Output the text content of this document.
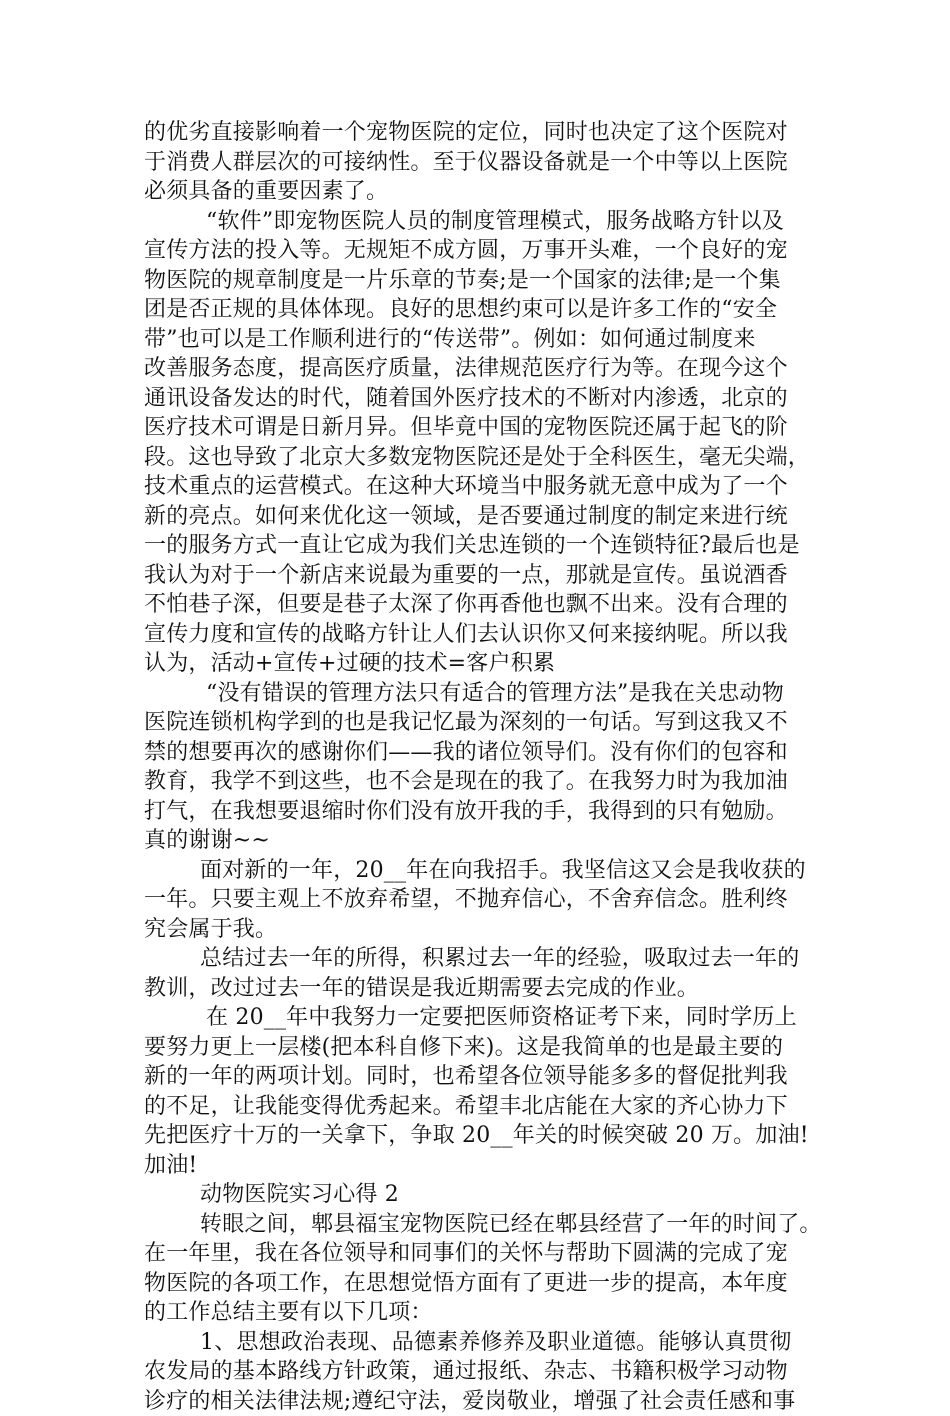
的优劣直接影响着一个宠物医院的定位，同时也决定了这个医院对
于消费人群层次的可接纳性。至于仪器设备就是一个中等以上医院
必须具备的重要因素了。
“软件”即宠物医院人员的制度管理模式，服务战略方针以及
宣传方法的投入等。无规矩不成方圆，万事开头难，一个良好的宠
物医院的规章制度是一片乐章的节奏;是一个国家的法律;是一个集
团是否正规的具体体现。良好的思想约束可以是许多工作的“安全
带”也可以是工作顺利进行的“传送带”。例如：如何通过制度来
改善服务态度，提高医疗质量，法律规范医疗行为等。在现今这个
通讯设备发达的时代，随着国外医疗技术的不断对内渗透，北京的
医疗技术可谓是日新月异。但毕竟中国的宠物医院还属于起飞的阶
段。这也导致了北京大多数宠物医院还是处于全科医生，毫无尖端，
技术重点的运营模式。在这种大环境当中服务就无意中成为了一个
新的亮点。如何来优化这一领域，是否要通过制度的制定来进行统
一的服务方式一直让它成为我们关忠连锁的一个连锁特征?最后也是
我认为对于一个新店来说最为重要的一点，那就是宣传。虽说酒香
不怕巷子深，但要是巷子太深了你再香他也飘不出来。没有合理的
宣传力度和宣传的战略方针让人们去认识你又何来接纳呢。所以我
认为，活动+宣传+过硬的技术=客户积累
“没有错误的管理方法只有适合的管理方法”是我在关忠动物
医院连锁机构学到的也是我记忆最为深刻的一句话。写到这我又不
禁的想要再次的感谢你们——我的诸位领导们。没有你们的包容和
教育，我学不到这些，也不会是现在的我了。在我努力时为我加油
打气，在我想要退缩时你们没有放开我的手，我得到的只有勉励。
真的谢谢~~
面对新的一年，20__年在向我招手。我坚信这又会是我收获的
一年。只要主观上不放弃希望，不抛弃信心，不舍弃信念。胜利终
究会属于我。
总结过去一年的所得，积累过去一年的经验，吸取过去一年的
教训，改过过去一年的错误是我近期需要去完成的作业。
在 20__年中我努力一定要把医师资格证考下来，同时学历上
要努力更上一层楼(把本科自修下来)。这是我简单的也是最主要的
新的一年的两项计划。同时，也希望各位领导能多多的督促批判我
的不足，让我能变得优秀起来。希望丰北店能在大家的齐心协力下
先把医疗十万的一关拿下，争取 20__年关的时候突破 20 万。加油!
加油!
动物医院实习心得 2
转眼之间，郫县福宝宠物医院已经在郫县经营了一年的时间了。
在一年里，我在各位领导和同事们的关怀与帮助下圆满的完成了宠
物医院的各项工作，在思想觉悟方面有了更进一步的提高，本年度
的工作总结主要有以下几项：
1、思想政治表现、品德素养修养及职业道德。能够认真贯彻
农发局的基本路线方针政策，通过报纸、杂志、书籍积极学习动物
诊疗的相关法律法规;遵纪守法，爱岗敬业，增强了社会责任感和事
